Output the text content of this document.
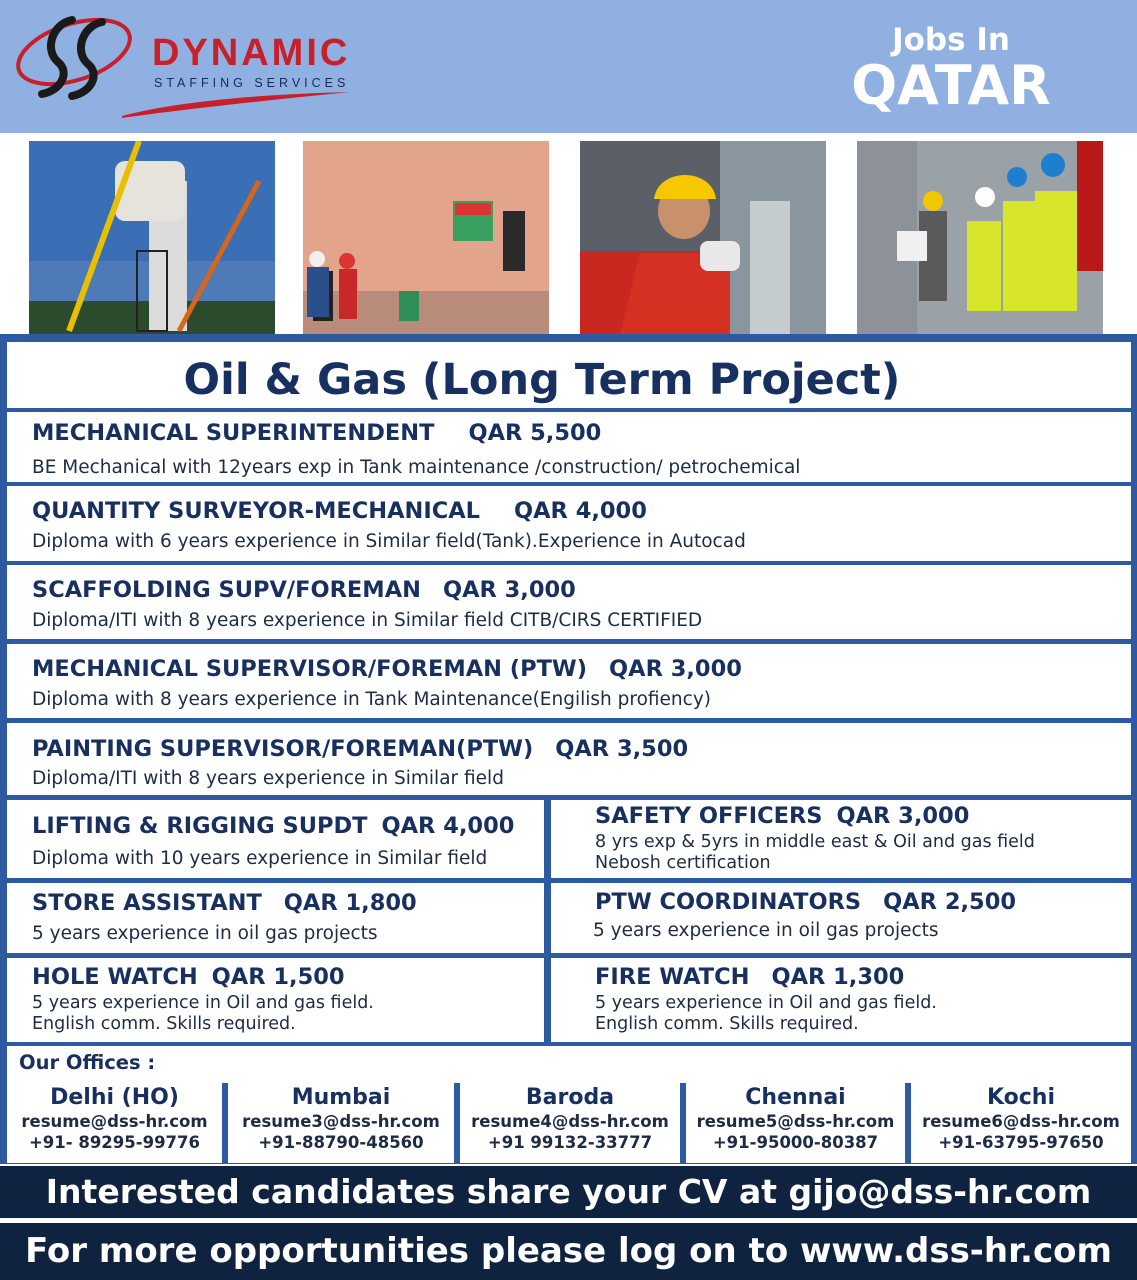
DYNAMIC
STAFFING SERVICES
Jobs In
QATAR
Oil & Gas (Long Term Project)
MECHANICAL SUPERINTENDENT QAR 5,500
BE Mechanical with 12years exp in Tank maintenance /construction/ petrochemical
QUANTITY SURVEYOR-MECHANICAL QAR 4,000
Diploma with 6 years experience in Similar field(Tank).Experience in Autocad
SCAFFOLDING SUPV/FOREMAN QAR 3,000
Diploma/ITI with 8 years experience in Similar field CITB/CIRS CERTIFIED
MECHANICAL SUPERVISOR/FOREMAN (PTW) QAR 3,000
Diploma with 8 years experience in Tank Maintenance(Engilish profiency)
PAINTING SUPERVISOR/FOREMAN(PTW) QAR 3,500
Diploma/ITI with 8 years experience in Similar field
LIFTING & RIGGING SUPDT QAR 4,000
Diploma with 10 years experience in Similar field
SAFETY OFFICERS QAR 3,000
8 yrs exp & 5yrs in middle east & Oil and gas field
Nebosh certification
STORE ASSISTANT QAR 1,800
5 years experience in oil gas projects
PTW COORDINATORS QAR 2,500
5 years experience in oil gas projects
HOLE WATCH QAR 1,500
5 years experience in Oil and gas field.
English comm. Skills required.
FIRE WATCH QAR 1,300
5 years experience in Oil and gas field.
English comm. Skills required.
Our Offices :
Delhi (HO)
resume@dss-hr.com
+91- 89295-99776
Mumbai
resume3@dss-hr.com
+91-88790-48560
Baroda
resume4@dss-hr.com
+91 99132-33777
Chennai
resume5@dss-hr.com
+91-95000-80387
Kochi
resume6@dss-hr.com
+91-63795-97650
Interested candidates share your CV at gijo@dss-hr.com
For more opportunities please log on to www.dss-hr.com
